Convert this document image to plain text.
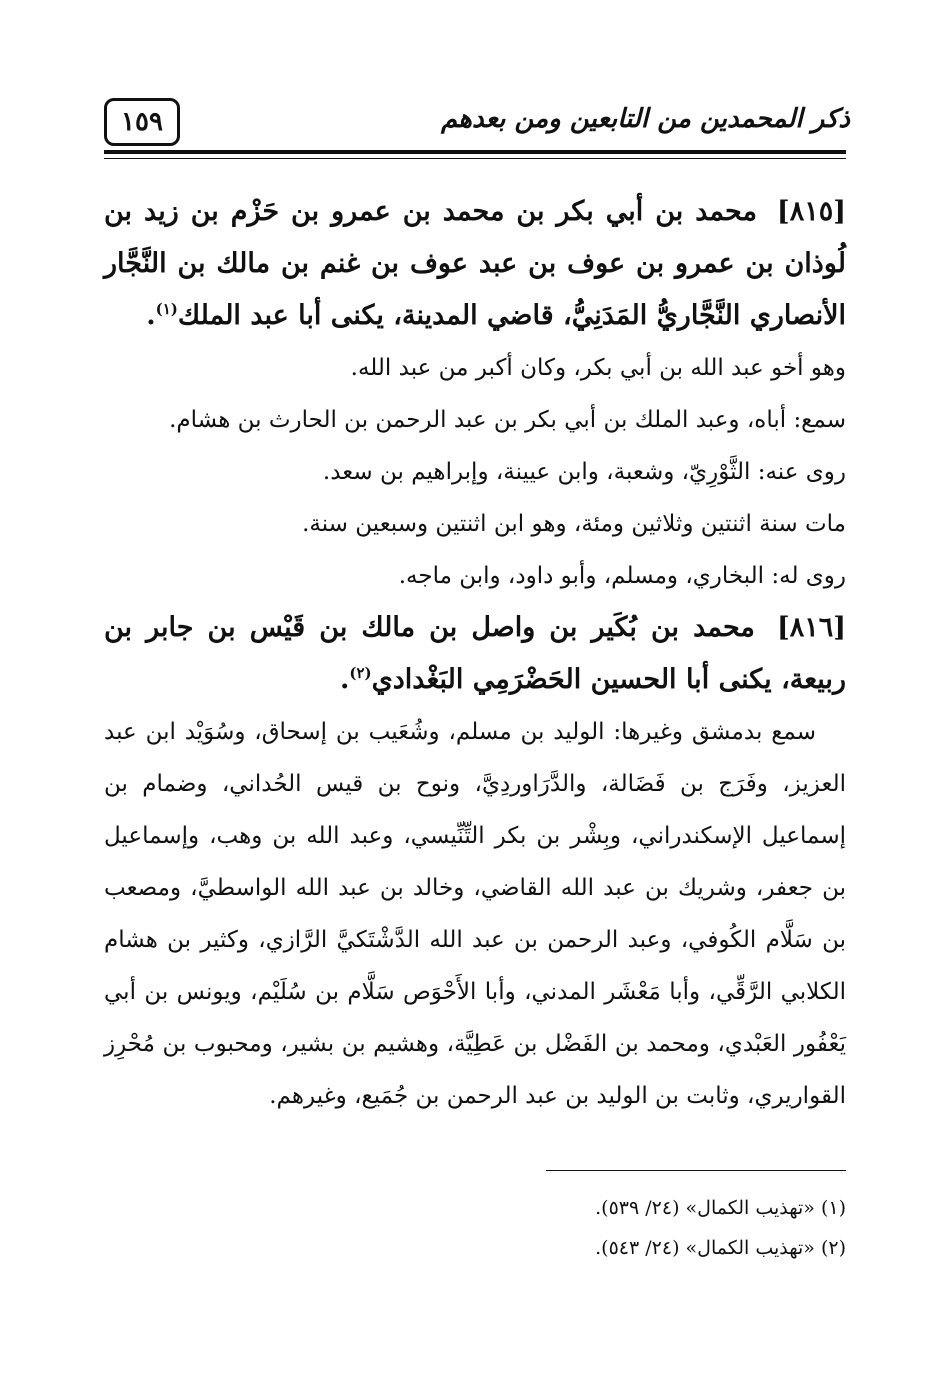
ذكر المحمدين من التابعين ومن بعدهم
١٥٩

[٨١٥] محمد بن أبي بكر بن محمد بن عمرو بن حَزْم بن زيد بن لُوذان بن عمرو بن عوف بن عبد عوف بن غنم بن مالك بن النَّجَّار الأنصاري النَّجَّاريُّ المَدَنِيُّ، قاضي المدينة، يكنى أبا عبد الملك$^{(١)}$.

وهو أخو عبد الله بن أبي بكر، وكان أكبر من عبد الله.

سمع: أباه، وعبد الملك بن أبي بكر بن عبد الرحمن بن الحارث بن هشام.

روى عنه: الثَّوْرِيّ، وشعبة، وابن عيينة، وإبراهيم بن سعد.

مات سنة اثنتين وثلاثين ومئة، وهو ابن اثنتين وسبعين سنة.

روى له: البخاري، ومسلم، وأبو داود، وابن ماجه.

[٨١٦] محمد بن بُكَير بن واصل بن مالك بن قَيْس بن جابر بن ربيعة، يكنى أبا الحسين الحَضْرَمِي البَغْدادي$^{(٢)}$.

سمع بدمشق وغيرها: الوليد بن مسلم، وشُعَيب بن إسحاق، وسُوَيْد ابن عبد العزيز، وفَرَج بن فَضَالة، والدَّرَاوردِيَّ، ونوح بن قيس الحُداني، وضمام بن إسماعيل الإسكندراني، وبِشْر بن بكر التِّنِّيسي، وعبد الله بن وهب، وإسماعيل بن جعفر، وشريك بن عبد الله القاضي، وخالد بن عبد الله الواسطيَّ، ومصعب بن سَلَّام الكُوفي، وعبد الرحمن بن عبد الله الدَّشْتَكيَّ الرَّازي، وكثير بن هشام الكلابي الرَّقِّي، وأبا مَعْشَر المدني، وأبا الأَحْوَص سَلَّام بن سُلَيْم، ويونس بن أبي يَعْفُور العَبْدي، ومحمد بن الفَضْل بن عَطِيَّة، وهشيم بن بشير، ومحبوب بن مُحْرِز القواريري، وثابت بن الوليد بن عبد الرحمن بن جُمَيع، وغيرهم.

(١) «تهذيب الكمال» (٢٤/ ٥٣٩).

(٢) «تهذيب الكمال» (٢٤/ ٥٤٣).
